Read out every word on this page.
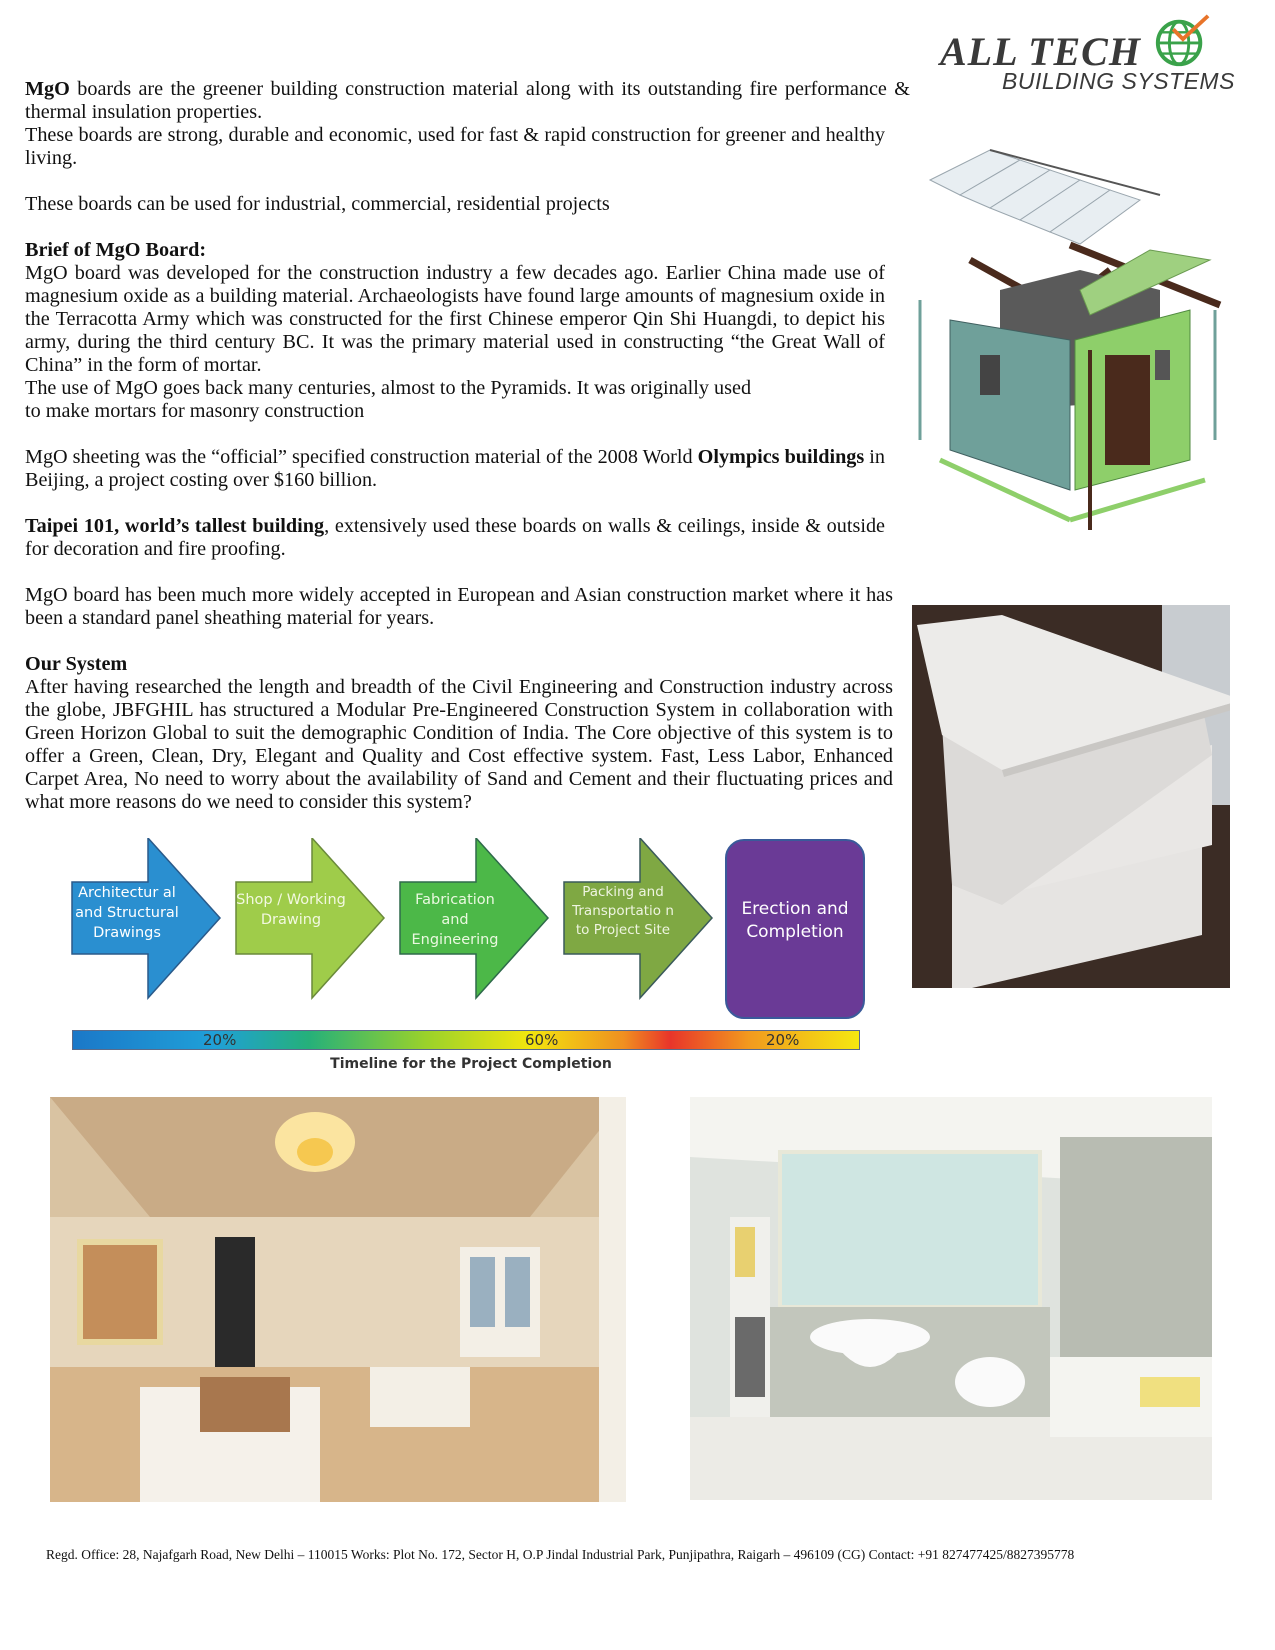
ALL TECH
BUILDING SYSTEMS

MgO boards are the greener building construction material along with its outstanding fire performance & thermal insulation properties.

These boards are strong, durable and economic, used for fast & rapid construction for greener and healthy living.

These boards can be used for industrial, commercial, residential projects

Brief of MgO Board:

MgO board was developed for the construction industry a few decades ago. Earlier China made use of magnesium oxide as a building material. Archaeologists have found large amounts of magnesium oxide in the Terracotta Army which was constructed for the first Chinese emperor Qin Shi Huangdi, to depict his army, during the third century BC. It was the primary material used in constructing “the Great Wall of China” in the form of mortar.

The use of MgO goes back many centuries, almost to the Pyramids. It was originally used

to make mortars for masonry construction

MgO sheeting was the “official” specified construction material of the 2008 World Olympics buildings in Beijing, a project costing over $160 billion.

Taipei 101, world’s tallest building, extensively used these boards on walls & ceilings, inside & outside for decoration and fire proofing.

MgO board has been much more widely accepted in European and Asian construction market where it has been a standard panel sheathing material for years.

Our System

After having researched the length and breadth of the Civil Engineering and Construction industry across the globe, JBFGHIL has structured a Modular Pre-Engineered Construction System in collaboration with Green Horizon Global to suit the demographic Condition of India. The Core objective of this system is to offer a Green, Clean, Dry, Elegant and Quality and Cost effective system. Fast, Less Labor, Enhanced Carpet Area, No need to worry about the availability of Sand and Cement and their fluctuating prices and what more reasons do we need to consider this system?

Architectur al and Structural Drawings
Shop / Working Drawing
Fabrication and Engineering
Packing and Transportatio n to Project Site
Erection and Completion
20%	60%	20%
Timeline for the Project Completion
Regd. Office: 28, Najafgarh Road, New Delhi – 110015 Works: Plot No. 172, Sector H, O.P Jindal Industrial Park, Punjipathra, Raigarh – 496109 (CG) Contact: +91 827477425/8827395778
